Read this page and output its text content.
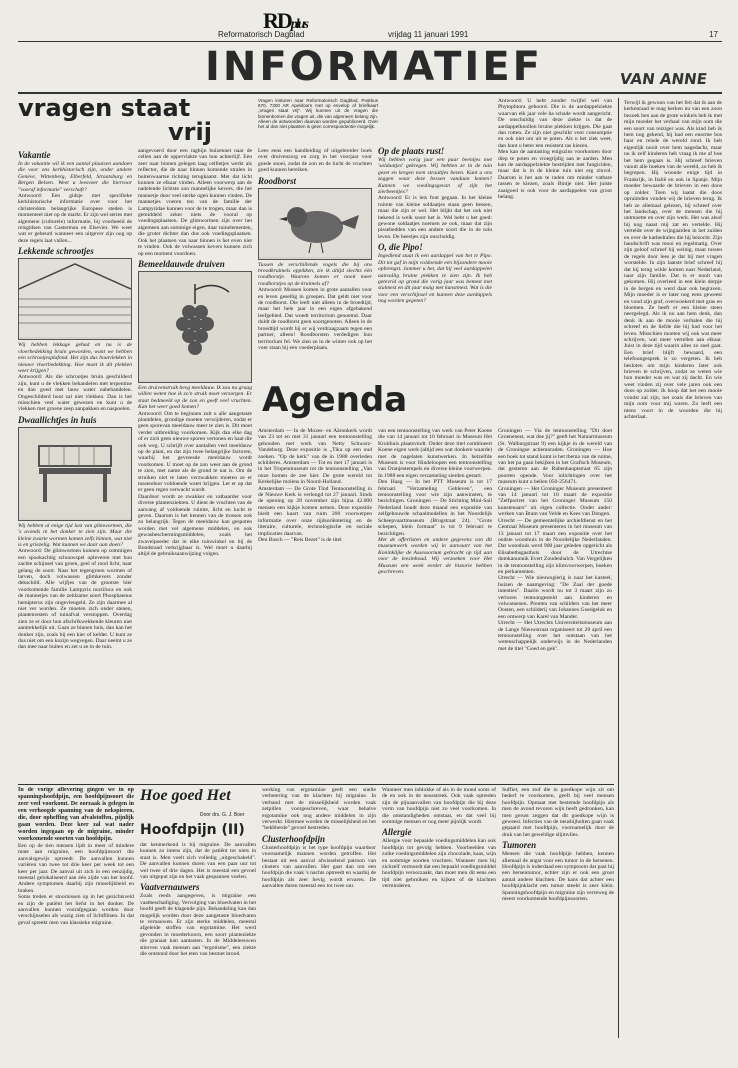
RDplus
Reformatorisch Dagblad	vrijdag 11 januari 1991	17
INFORMATIEF	VAN ANNE
vragen staat
vrij

Vragen insturen naar Reformatorisch Dagblad, Postbus 670, 7300 AR Apeldoorn met op envelop of briefkaart „Vragen staat vrij". Wij kunnen uit de vragen die binnenkomen die vragen uit, die van algemeen belang zijn. Alleen de antwoorden daarvan worden gepubliceerd. Over het al dan niet plaatsen is geen correspondentie mogelijk.

Vakantie

In de vakantie wil ik een aantal plaatsen aandoen die voor ons kerkhistorisch zijn, onder andere Genève, Wittenberg, Elberfeld, Straatsburg en Bergen Belsen. Weet u leesvoer die hiervoor "vooraf informatie" verschaft?

Antwoord: Een gidsje met specifieke kerkhistorische informatie over voor het christendom belangrijke Europese steden is momenteel niet op de markt. Er zijn wel series met algemene (culturele) informatie, bij voorbeeld de reisgidsen van Casterman en Elsevier. We weet wat er gebeurd wanneer een uitgever zijn oog op deze regels laat vallen...

Lekkende schrootjes

Wij hebben lekkage gehad en nu is de vloerbedekking bruin geworden, want we hebben een schrootjesplafond. Het zijn dus houtvlekken in nieuwe vloerbedekking. Hoe moet ik dit plekken weer krijgen?

Antwoord: Als die schrootjes bruin geschilderd zijn, kunt u de vlekken behandelen met terpentine en dan goed met lauw water nabehandelen. Ongeschilderd hout zal niet vlekken. Dan is het misschien veel water gewezen en kunt u de vlekken met groene zeep aanpakken en naspoelen.

Dwaallichtjes in huis

Wij hebben al enige tijd last van glimwormen, die 's avonds in het donker te zien zijn. Maar die kleine zwarte wormen komen zelfs binnen, wat niet is en griezelig. Wat kunnen we daar aan doen?

Antwoord: De glimwormen kunnen op sommigen een spookachtig schouwspel opleveren met hun zachte schijnsel van groen, geel of rood licht, naar gelang de soort. Naar het tegengroen wormen of larven, doch volwassen glimkevers zonder dekschild. Alle wijfjes van de grootste hier voorkomende familie Lampyris noctiluca en ook de mannetjes van de zeldzame soort Phosphaenus hemipterus zijn ongevleugeld. Ze zijn daarmee al niet ver worden. Ze moeten zich onder stenen, plantenresten of tuinafval verstoppen. Overdag zien ze er door hun afschrikwekkende kleuren niet aantrekkelijk uit. Gaan ze binnen huis, dan kan het donker zijn, zoals bij een kier of kelder. U kunt ze dus niet om een kozijn wegvegen. Daar neemt u ze dan mee naar buiten en zet u ze in de tuin.

aangevoerd door een raghijn buizennet naar de cellen aan de oppervlakte van hun achterlijf. Een zeer naar binnen gelegen laag cellletjes werkt als reflector, die de naar binnen komende stralen in buitenwaartse richting terugkaatst. Met dat licht kunnen ze elkaar vinden. Alleen voorwerp aan de nadelende lichtste zon mannelijke kevers, die het mannetje door veel sterke ogen kunnen vinden. De mannetjes voeren ten van de familie der Lampyridae kunnen voor de te trogen, maar dan is gemiddeld zeker niets de vooral op voedingsplaatsen. De glimwormen zijn over het algemeen aan sommige eigen, daar tuinelementen, die groter dichter dan dus ook voedingsplaatsen. Ook het plaatsen van naar binnen is het even niet te vinden. Ook de volwassen kevers kunnen zich op een moment voordoen.

Bemeeldauwde druiven

Een druivenstruik bevg meeldauw. Ik zou nu graag willen weten hoe ik zo'n struik moet verzorgen. Er staat bedmeeld op de zon en geeft veel vruchten. Kan het weer goed komen?

Antwoord: Om te beginnen zult u alle aangetaste plantdelen, grondige moeten verwijderen, zodat er geen sporevan meeldauw meer te zien is. Dit moet verder uitbreiding voorkomen. Kijk dan elke dag of er zich geen nieuwe sporen vertonen en haal die ook weg. U schrijft over aantallen veel meeldauw op de plant, en dat zijn twee belangrijke factoren, waarbij het gevreesde meeldauw wordt voorkomen. U moet op de zon weer aan de grond te zien, met name als de grond te nat is. Om de struiken niet te laten verzwakken moeten ze er tussendoor voldoende water krijgen. Let er op dat er geen regen verwacht wordt.

Daardoor wordt ze zwakker en vatbaarder voor diverse plantenziekten. U dient de vruchten van de aanvang af voldoende ruimte, licht en lucht te geven. Daarom is het kennen van de trossen ook zo belangrijk. Tegen de meeldauw kan gespoten worden met vel algemene middelen, en ook gewasbeschermingsmiddelen, zoals het zwavelpoeder dat in elke tuinwinkel en bij de Bondsraad verkrijgbaar is. Wel moet u daarbij altijd de gebruiksaanwijzing volgen.

Lees eens een handleiding of uitgebreider boek over druivenzorg en zorg in het voorjaar voor goede snoei, zodat de zon en de lucht de vruchten goed kunnen bereiken.

Roodborst

Tussen de verschillende vogels die bij ons broodkruimels oppikken, zie ik altijd slechts één roodborstje. Waarom komen er nooit meer roodborstjes op de kruimels af?

Antwoord: Mussen komen in grote aantallen voor en leven gesellig in groepen. Dat geldt niet voor de roodborst. Die leeft niet alleen in de broedtijd, maar het hele jaar in een eigen afgebakend leefgebied. Dat woedt territorium genoemd. Daar duldt de roodborst geen soortgenoten. Alleen in de broedtijd wordt hij er wij verdraagzaam tegen een partner, alleen! Roodborsten verdedigen hun territorium fel. We zien ze in de winter ook op het voer staan bij een voederplaats.

Op de plaats rust!

Wij hebben vorig jaar een paar beentjes met 'soldaatjes' gekregen. Wij hebben ze in de tuin gezet en kregen toen straaltjes bezen. Kunt u ons zeggen waar deze bessen vandaan komen? Kunnen we voedingsgevan of zijn het zierbeentjes?

Antwoord: Er is iets fout gegaan. In het kleine ruimte van kleine soldaatjes staan geen bessen, maar die zijn er wel. Het blijkt dat het ook niet bekend is welk soort het is. Wel hebt u het goed: gewone soldaatjes noemen ze ook, maar dat zijn pissebedden van een andere soort die in de tuin leven. De beestjes zijn onschuldig.

O, die Pipo!

Ingediend staat ik een aardappel van het tv Pipo. Dit tot gaf in mijn voldoende een bijzondere mooie opbrengst. Jammer u het, dat hij veel aardappelen aanvullig bruine plekken te zien zijn. Ik heb getevrid op grond die vorig jaar was bemest met stalmest en dit jaar maig met kunstmest. Wat is die voor een verschijnsel en kunnen deze aardappels nog worden gegeten?

Antwoord: U hebt zonder twijfel wel van Phytophtora gehoord. Die is de aardappelziekte waarvan elk jaar vele ha schade wordt aangericht. De onschuldig van deze ziekte is dat de aardappelknollen bruine plekken krijgen. Die gaat dan rotten. Ze zijn niet geschikt voor consumptie en ook niet om uit te poten. Als u het ziek weet, dan kunt u beter een resistent ras kiezen.

Men kan de aantasting enigszins voorkomen door diep te poten en vroegtijdig aan te aarden. Men kan de aardappelziekte bestrijden met fungiciden, maar dat is in de kleine tuin niet erg zinvol. Daarom is het aan te raden om minder vatbare rassen te kiezen, zoals Bintje niet. Het juiste zaaigoed is ook voor de aardappelen van groot belang.

Agenda

Amsterdam — In de Mozes- en Aäronkerk wordt van 23 tot en met 31 januari een tentoonstelling gehouden met werk van Netty Schwarz-Vandeburg. Deze expositie is „Tika op een oud zoeken. "Op de kerk" van de in 1988 overleden schilderes. Amsterdam — Tot en met 17 januari is in het Tropenmuseum tot de tentoonstelling „Van onze bomen de zee hier. De grote wereld tot Kerkelijke molens in Noord-Holland.

Amsterdam — De Grote Tind Tentoonstelling in de Nieuwe Kerk is verlengd tot 27 januari. Sinds de opening op 28 november zijn bijna 42.000 mensen een kijkje komen nemen. Deze expositie biedt een kaart van ruim 200 voorwerpen informatie over onze tijdsoriëntering en de literaire, culturele, technologische en sociale implicaties daarvan.

Den Bosch — "Reis Bezet" is de titel

van een tentoonstelling van werk van Peter Koene die van 14 januari tot 10 februari in Museum Het Kruithuis plaatsvindt. Onder deze titel combineert Koene eigen werk (altijd een wat donkere waarde) met de nagelaten kunstwerken. In hetzelfde Museum is voor Hindeloopen een tentoonstelling van Oranjestempels en diverse kleine voorwerpen. In 1988 een eigen verzameling sierden gestart.

Den Haag — In het PTT Museum is tot 17 februari "Verzameling Gebleven", een tentoonstelling voor wie zijn aanwinsten, te bezichtigen. Groningen — De Stichting Mini-Sail Nederland houdt deze maand een expositie van zelfgebouwde schaalmodellen in het Noordelijk Scheepvaartmuseum (Brugstraat 24). "Grote schepen, klein formaat" is tot 9 februari te bezichtigen.

Met de offerlisten en andere gegevens van dit museumwerk worden wij in aanvaart van het Koninklijke de Assessorium gebracht op tijd aan voor de leesinhoud. Wij verzoeken voor Het Museum een week eerder de historie hebben geschreven.

Groningen — Via de tentoonstelling "Dit doet Groenenest, wat doe jij?" geeft het Natuurmuseum (St. Walburgstraat 9) een kijkje in de wereld van de Groningse actiemoraden. Groningen — Hoe een boek tot stand komt is het thema van de ruime, van het pa gaan bekijken in het Grafisch Museum, dat gesteren aan de Rabenhauptstraat 65 zijn poorten opende. Voor inlichtingen over het museum kunt u bellen 050-256471.

Groningen — Het Groninger Museum presenteert van 14 januari tot 10 maart de expositie "Zelfportret van het Groninger Museum 150 kunstenaars" uit eigen collectie. Onder ander: werken van Bram van Velde en Kees van Dongen.

Utrecht — De gemeentelijke archiefdienst en het Centraal Museum presenteren in het museum van 13 januari tot 17 maart een expositie over het oudste woonhuis in de Noordelijke Nederlanden. Dat woonhuis werd 900 jaar geleden opgericht als Elisabethsgasthuis door de Utrechtse domkanunnik Evert Zoudenbalch. Van Vergelijken in de tentoonstelling zijn klimvoorwerpen, boeken en perkamenten.

Utrecht — Wie nieuwsgierig is naar het kasteel, huizen de naamgeving: "De Zaal der goede intenties". Daarin wordt nu tot 3 maart zijn zo verloren tentoongesteld aan kinderen en volwassenen. Prenten van schilders van het meer Oosten, een schilderij van Johannes Goedgeluk en een ontwerp van Karel van Mander.

Utrecht — Het Utrechts Universiteitsmuseum aan de Lange Nieuwstraat organiseert tot 28 april een tentoonstelling over het ontstaan van het wetenschappelijk onderwijs in de Nederlanden met de titel "Goed en gek".

Terwijl ik gewoon van het feit dat ik aan de kerkenraad te mag kerken nu van een zoon bezoek ben aan de grote winkels heb ik met mijn moeder het verhaal van mijn oom die een soort van reiziger was. Als kind heb ik hem nog gekend, hij had een enorme bos haar en reisde de wereld rond. Ik heb eigenlijk nooit over hem nagedacht, maar nu ik zelf kinderen heb vraag ik me af hoe het hem gegaan is. Hij schreef brieven vanuit alle hoeken van de wereld, zo heb ik begrepen. Hij woonde enige tijd in Frankrijk, in Italië en ook in Spanje. Mijn moeder bewaarde de brieven in een doos op zolder. Toen wij laatst die doos opruimden vonden wij de brieven terug. Ik heb ze allemaal gelezen, hij schreef over het landschap, over de mensen die hij ontmoette en over zijn werk. Het was alsof hij nog naast mij zat en vertelde. Hij vertelde over de wijngaarden in het zuiden en over de kathedralen die hij bezocht. Zijn handschrift was mooi en regelmatig. Over zijn geloof schreef hij weinig, maar tussen de regels door lees je dat hij met vragen worstelde. In zijn laatste brief schreef hij dat hij terug wilde komen naar Nederland, naar zijn familie. Dat is er nooit van gekomen. Hij overleed in een klein dorpje in de bergen en werd daar ook begraven. Mijn moeder is er later nog eens geweest en vond zijn graf, overwoekerd met gras en bloemen. Ze heeft er een kleine steen neergelegd. Als ik nu aan hem denk, dan denk ik aan de mooie verhalen die hij schreef en de liefde die hij had voor het leven. Misschien moeten wij ook wat meer schrijven, wat meer vertellen aan elkaar. Juist in deze tijd waarin alles zo snel gaat. Een brief blijft bewaard, een telefoongesprek is zo vergeten. Ik heb besloten om mijn kinderen later ook brieven te schrijven, zodat ze weten wie hun moeder was en wat zij dacht. En wie weet vinden zij over vele jaren ook een doos op zolder. Ik hoop dat het een mooie vondst zal zijn, net zoals die brieven van mijn oom voor mij waren. Zo leeft een mens voort in de woorden die hij achterlaat.

Hoe goed Het
Door drs. G. J. Boer
Hoofdpijn (II)

In de vorige aflevering gingen we in op spanningshoofdpijn, een hoofdpijnsoort die zeer veel voorkomt. De oorzaak is gelegen in een verhoogde spanning van de nekspieren, die, door opheffing van afvalstoffen, pijnlijk gaan worden. Deze keer zal wat nader worden ingegaan op de migraine, minder voorkomende soorten van hoofdpijn.

Een op de tien mensen lijdt in meer of mindere mate aan migraine, een hoofdpijnsoort die aanvalsgewijs optreedt. De aanvallen kunnen variëren van twee tot drie keer per week tot een keer per jaar. De aanval uit zich in een eenzijdig, meestal gelokaliseerd aan één zijde van het hoofd. Andere symptomen daarbij zijn misselijkheid en braken.

Soms treden er stoornissen op in het gezichtsveld en zijn de patiënt het liefst in het donker. De aanvallen kunnen voorafgegaan worden door verschijnselen als wazig zien of lichtflitsen. In dat geval spreekt men van klassieke migraine.

dat kenmerkend is bij migraine. De aanvallen kunnen zo intens zijn, dat de patiënt tot niets in staat is. Men voelt zich volledig „uitgeschakeld". De aanvallen kunnen duren van een paar uur tot wel twee of drie dagen. Het is meestal een gevoel van uitgeput zijn en het vaak gespannen voelen.

Vaatvernauwers

Zoals reeds aangegeven, is migraine een vaatbeschadiging. Vervolging van bloedvaten in het hoofd geeft de klagende pijn. Behandeling kan dan mogelijk worden door deze aangetaste bloedvaten te vernauwen. Er zijn sterke middelen, meestal afgeleide stoffen van ergotamine. Het werd gevonden in moederkoorn, een soort planteziekte die granaat kan aantasten. In de Middeleeuwen stierven vaak mensen aan "ergotisme", een ziekte die ontstond door het eten van besmet brood.

werking van ergotamine geeft een snelle verbetering van de klachten bij migraine. In verband met de misselijkheid worden vaak zetpillen voorgeschreven, waar behalve ergotamine ook nog andere middelen in zijn verwerkt. Hiermee worden de misselijkheid en het "bekbberde" gevoel bestreden.

Clusterhoofdpijn

Clusterhoofdpijn is het type hoofdpijn waardoor voornamelijk mannen worden getroffen. Het bestaat uit een aanval afwisselend patroon van clusters van aanvallen. Het gaat dan om een hoofdpijn die vaak 's nachts optreedt en waarbij de hoofdpijn als zeer hevig wordt ervaren. De aanvallen duren meestal een tot twee uur.

Wanneer men inblokke of als in de mond soms of de en ook in de neusstreek. Ook vaak optreden zijn de pijnaanvallen van hoofdpijn die bij deze vorm van hoofdpijn niet zo veel voorkomen. In die omstandigheden ontstaat, en dat veel bij sommige mensen er nog meer pijnlijk wordt.

Allergie

Allergie voor bepaalde voedingsmiddelen kan ook hoofdpijn tot gevolg hebben. Voorbeelden van zulke voedingsmiddelen zijn chocolade, kaas, wijn en sommige soorten vruchten. Wanneer men bij zichzelf vermoedt dat een bepaald voedingsmiddel hoofdpijn veroorzaakt, dan moet men dit eens een tijd niet gebruiken en kijken of de klachten verminderen.

Suffiet, een stof die in goedkope wijn zit om bederf te voorkomen, geeft bij veel mensen hoofdpijn. Opmaat met bestemde hoofdpijn als men de avond tevoren wijn heeft gedronken, kan men gerust zeggen dat dit goedkope wijn is geweest. Infecties van de neusbijholten gaan vaak gepaard met hoofdpijn, voornamelijk door de druk van het geweldige slijmvlies.

Tumoren

Mensen die vaak hoofdpijn hebben, kennen allemaal de angst voor een tumor in de hersenen. Hoofdpijn is inderdaad een symptoom dat past bij een hersentumor, echter zijn er ook een groot aantal andere klachten. De kans dat achter een hoofdpijnklacht een tumor steekt is zeer klein. Spanningshoofdpijn en migraine zijn verreweg de meest voorkomende hoofdpijnsoorten.
